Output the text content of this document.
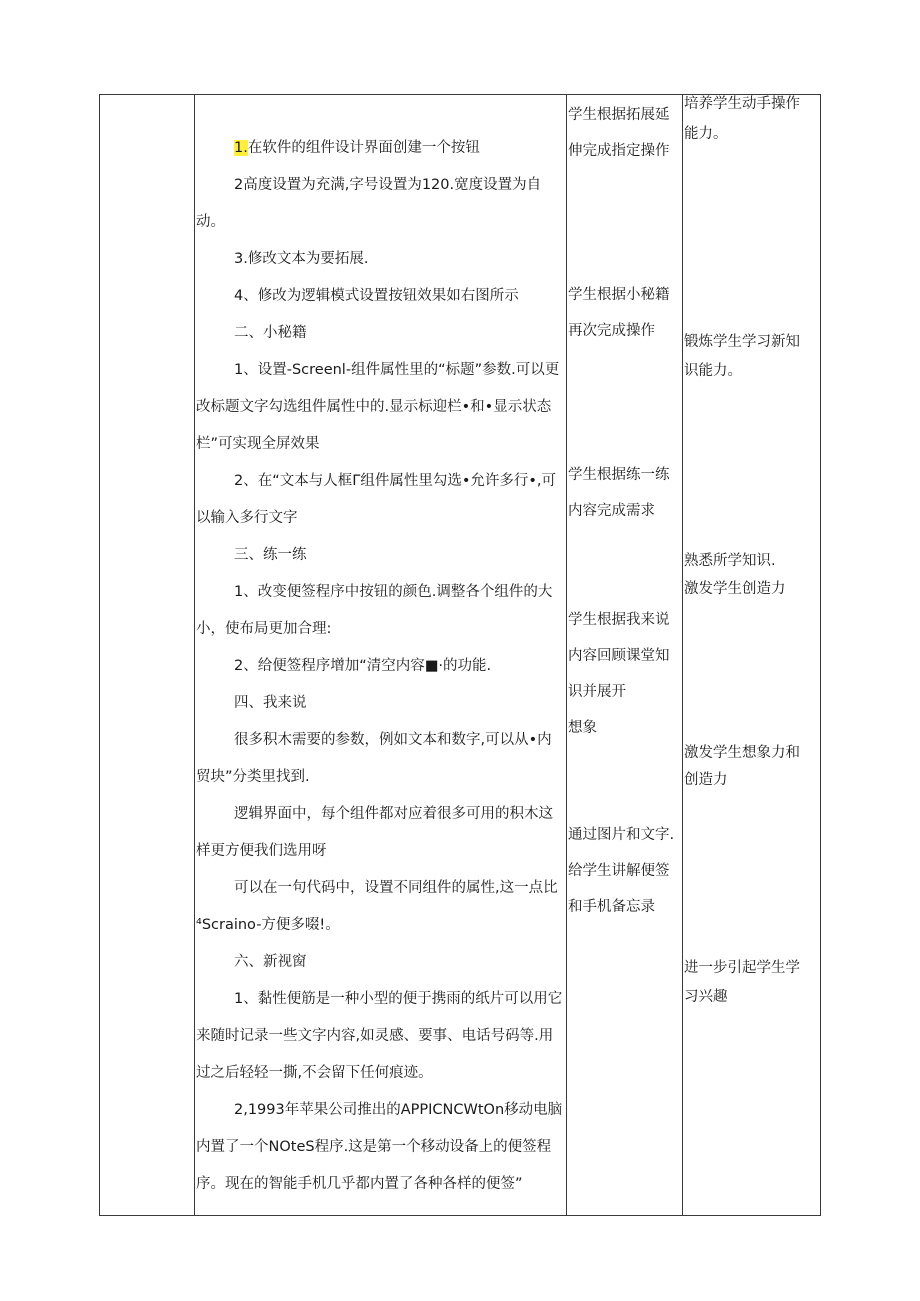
1.在软件的组件设计界面创建一个按钮

2高度设置为充满,字号设置为120.宽度设置为自动。

3.修改文本为要拓展.

4、修改为逻辑模式设置按钮效果如右图所示

二、小秘籍

1、设置-Screenl-组件属性里的“标题”参数.可以更改标题文字勾选组件属性中的.显示标迎栏•和•显示状态栏”可实现全屏效果

2、在“文本与人框Γ组件属性里勾选•允许多行•,可以输入多行文字

三、练一练

1、改变便签程序中按钮的颜色.调整各个组件的大小，使布局更加合理:

2、给便签程序增加“清空内容■·的功能.

四、我来说

很多积木需要的参数，例如文本和数字,可以从•内贸块”分类里找到.

逻辑界面中，每个组件都对应着很多可用的积木这样更方便我们选用呀

可以在一句代码中，设置不同组件的属性,这一点比⁴Scraino-方便多啜!。

六、新视窗

1、黏性便筋是一种小型的便于携雨的纸片可以用它来随时记录一些文字内容,如灵感、要事、电话号码等.用过之后轻轻一撕,不会留下任何痕迹。

2,1993年苹果公司推出的APPICNCWtOn移动电脑内置了一个NOteS程序.这是第一个移动设备上的便签程序。现在的智能手机几乎都内置了各种各样的便签”

学生根据拓展延

伸完成指定操作

学生根据小秘籍

再次完成操作

学生根据练一练

内容完成需求

学生根据我来说

内容回顾课堂知

识并展开

想象

通过图片和文字.

给学生讲解便签

和手机备忘录

培养学生动手操作

能力。

锻炼学生学习新知

识能力。

熟悉所学知识.

激发学生创造力

激发学生想象力和

创造力

进一步引起学生学

习兴趣
